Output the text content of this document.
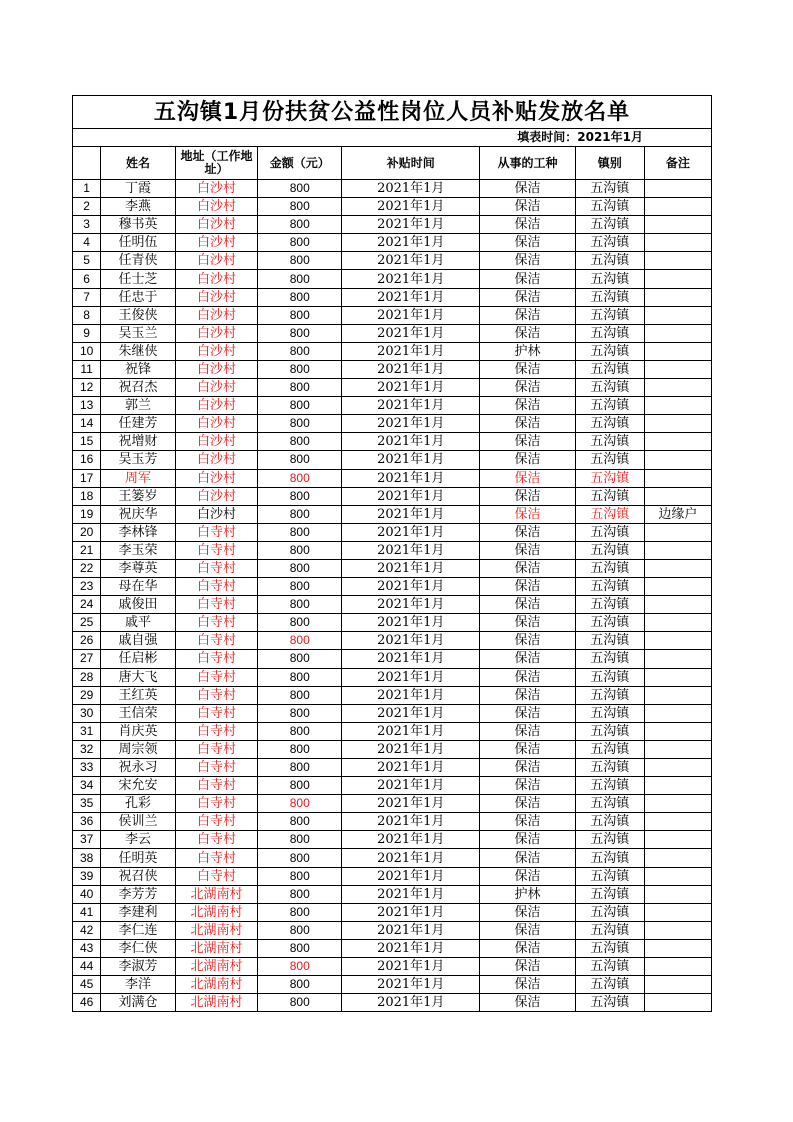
五沟镇1月份扶贫公益性岗位人员补贴发放名单							
填表时间：2021年1月							
	姓名	地址（工作地址）	金额（元）	补贴时间	从事的工种	镇别	备注
1	丁霞	白沙村	800	2021年1月	保洁	五沟镇	
2	李燕	白沙村	800	2021年1月	保洁	五沟镇	
3	穆书英	白沙村	800	2021年1月	保洁	五沟镇	
4	任明伍	白沙村	800	2021年1月	保洁	五沟镇	
5	任青侠	白沙村	800	2021年1月	保洁	五沟镇	
6	任士芝	白沙村	800	2021年1月	保洁	五沟镇	
7	任忠于	白沙村	800	2021年1月	保洁	五沟镇	
8	王俊侠	白沙村	800	2021年1月	保洁	五沟镇	
9	吴玉兰	白沙村	800	2021年1月	保洁	五沟镇	
10	朱继侠	白沙村	800	2021年1月	护林	五沟镇	
11	祝锋	白沙村	800	2021年1月	保洁	五沟镇	
12	祝召杰	白沙村	800	2021年1月	保洁	五沟镇	
13	郭兰	白沙村	800	2021年1月	保洁	五沟镇	
14	任建芳	白沙村	800	2021年1月	保洁	五沟镇	
15	祝增财	白沙村	800	2021年1月	保洁	五沟镇	
16	吴玉芳	白沙村	800	2021年1月	保洁	五沟镇	
17	周军	白沙村	800	2021年1月	保洁	五沟镇	
18	王篓岁	白沙村	800	2021年1月	保洁	五沟镇	
19	祝庆华	白沙村	800	2021年1月	保洁	五沟镇	边缘户
20	李林锋	白寺村	800	2021年1月	保洁	五沟镇	
21	李玉荣	白寺村	800	2021年1月	保洁	五沟镇	
22	李尊英	白寺村	800	2021年1月	保洁	五沟镇	
23	母在华	白寺村	800	2021年1月	保洁	五沟镇	
24	戚俊田	白寺村	800	2021年1月	保洁	五沟镇	
25	戚平	白寺村	800	2021年1月	保洁	五沟镇	
26	戚自强	白寺村	800	2021年1月	保洁	五沟镇	
27	任启彬	白寺村	800	2021年1月	保洁	五沟镇	
28	唐大飞	白寺村	800	2021年1月	保洁	五沟镇	
29	王红英	白寺村	800	2021年1月	保洁	五沟镇	
30	王信荣	白寺村	800	2021年1月	保洁	五沟镇	
31	肖庆英	白寺村	800	2021年1月	保洁	五沟镇	
32	周宗领	白寺村	800	2021年1月	保洁	五沟镇	
33	祝永习	白寺村	800	2021年1月	保洁	五沟镇	
34	宋允安	白寺村	800	2021年1月	保洁	五沟镇	
35	孔彩	白寺村	800	2021年1月	保洁	五沟镇	
36	侯训兰	白寺村	800	2021年1月	保洁	五沟镇	
37	李云	白寺村	800	2021年1月	保洁	五沟镇	
38	任明英	白寺村	800	2021年1月	保洁	五沟镇	
39	祝召侠	白寺村	800	2021年1月	保洁	五沟镇	
40	李芳芳	北湖南村	800	2021年1月	护林	五沟镇	
41	李建利	北湖南村	800	2021年1月	保洁	五沟镇	
42	李仁连	北湖南村	800	2021年1月	保洁	五沟镇	
43	李仁侠	北湖南村	800	2021年1月	保洁	五沟镇	
44	李淑芳	北湖南村	800	2021年1月	保洁	五沟镇	
45	李洋	北湖南村	800	2021年1月	保洁	五沟镇	
46	刘满仓	北湖南村	800	2021年1月	保洁	五沟镇	
